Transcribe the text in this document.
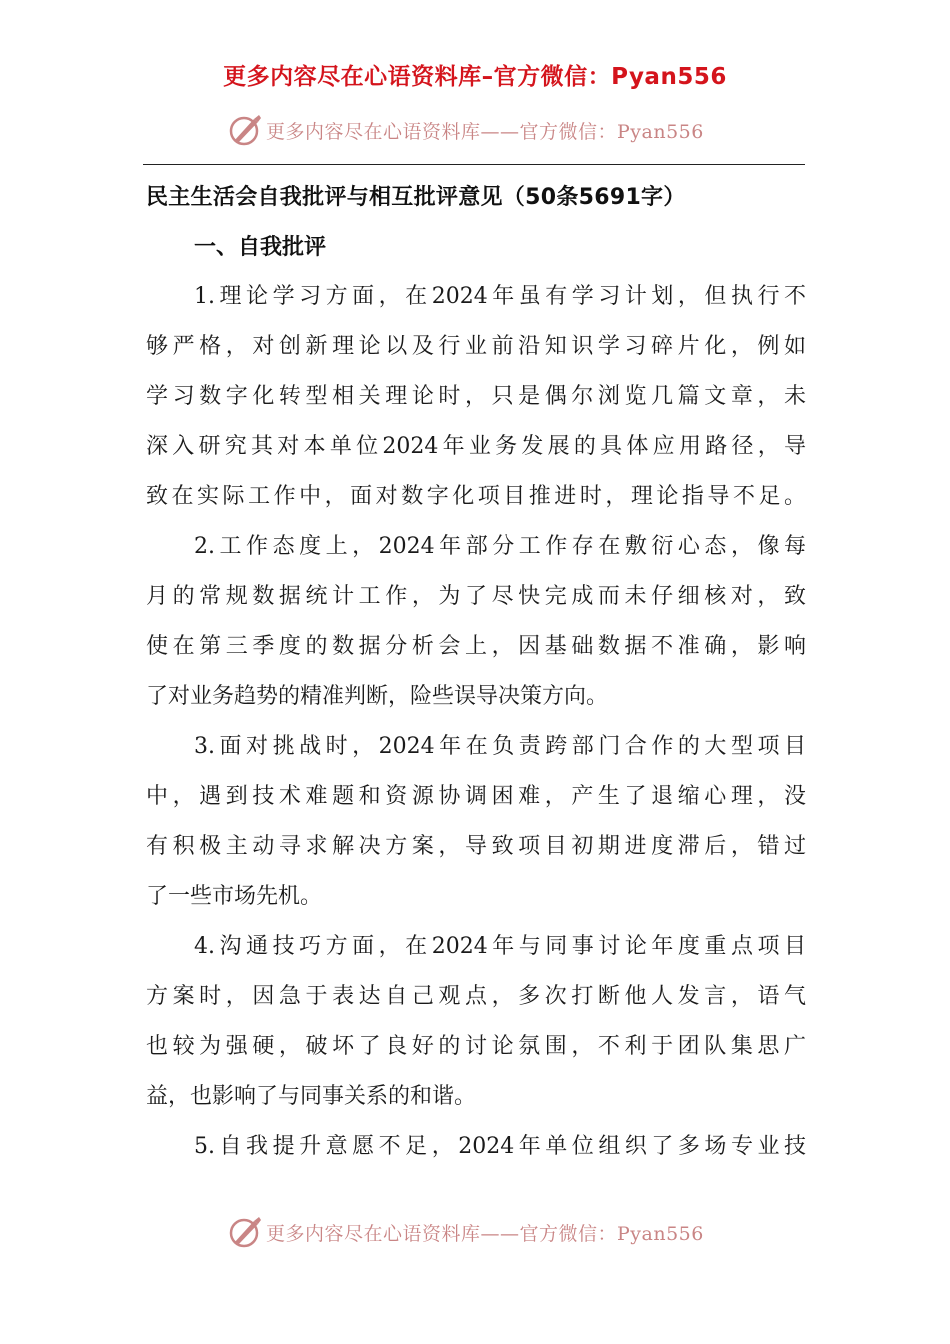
更多内容尽在心语资料库–官方微信：Pyan556
更多内容尽在心语资料库——官方微信：Pyan556
民主生活会自我批评与相互批评意见（50条5691字）
一、自我批评
1.理论学习方面，在2024年虽有学习计划，但执行不
够严格，对创新理论以及行业前沿知识学习碎片化，例如
学习数字化转型相关理论时，只是偶尔浏览几篇文章，未
深入研究其对本单位2024年业务发展的具体应用路径，导
致在实际工作中，面对数字化项目推进时，理论指导不足。
2.工作态度上，2024年部分工作存在敷衍心态，像每
月的常规数据统计工作，为了尽快完成而未仔细核对，致
使在第三季度的数据分析会上，因基础数据不准确，影响
了对业务趋势的精准判断，险些误导决策方向。
3.面对挑战时，2024年在负责跨部门合作的大型项目
中，遇到技术难题和资源协调困难，产生了退缩心理，没
有积极主动寻求解决方案，导致项目初期进度滞后，错过
了一些市场先机。
4.沟通技巧方面，在2024年与同事讨论年度重点项目
方案时，因急于表达自己观点，多次打断他人发言，语气
也较为强硬，破坏了良好的讨论氛围，不利于团队集思广
益，也影响了与同事关系的和谐。
5.自我提升意愿不足，2024年单位组织了多场专业技
更多内容尽在心语资料库——官方微信：Pyan556
